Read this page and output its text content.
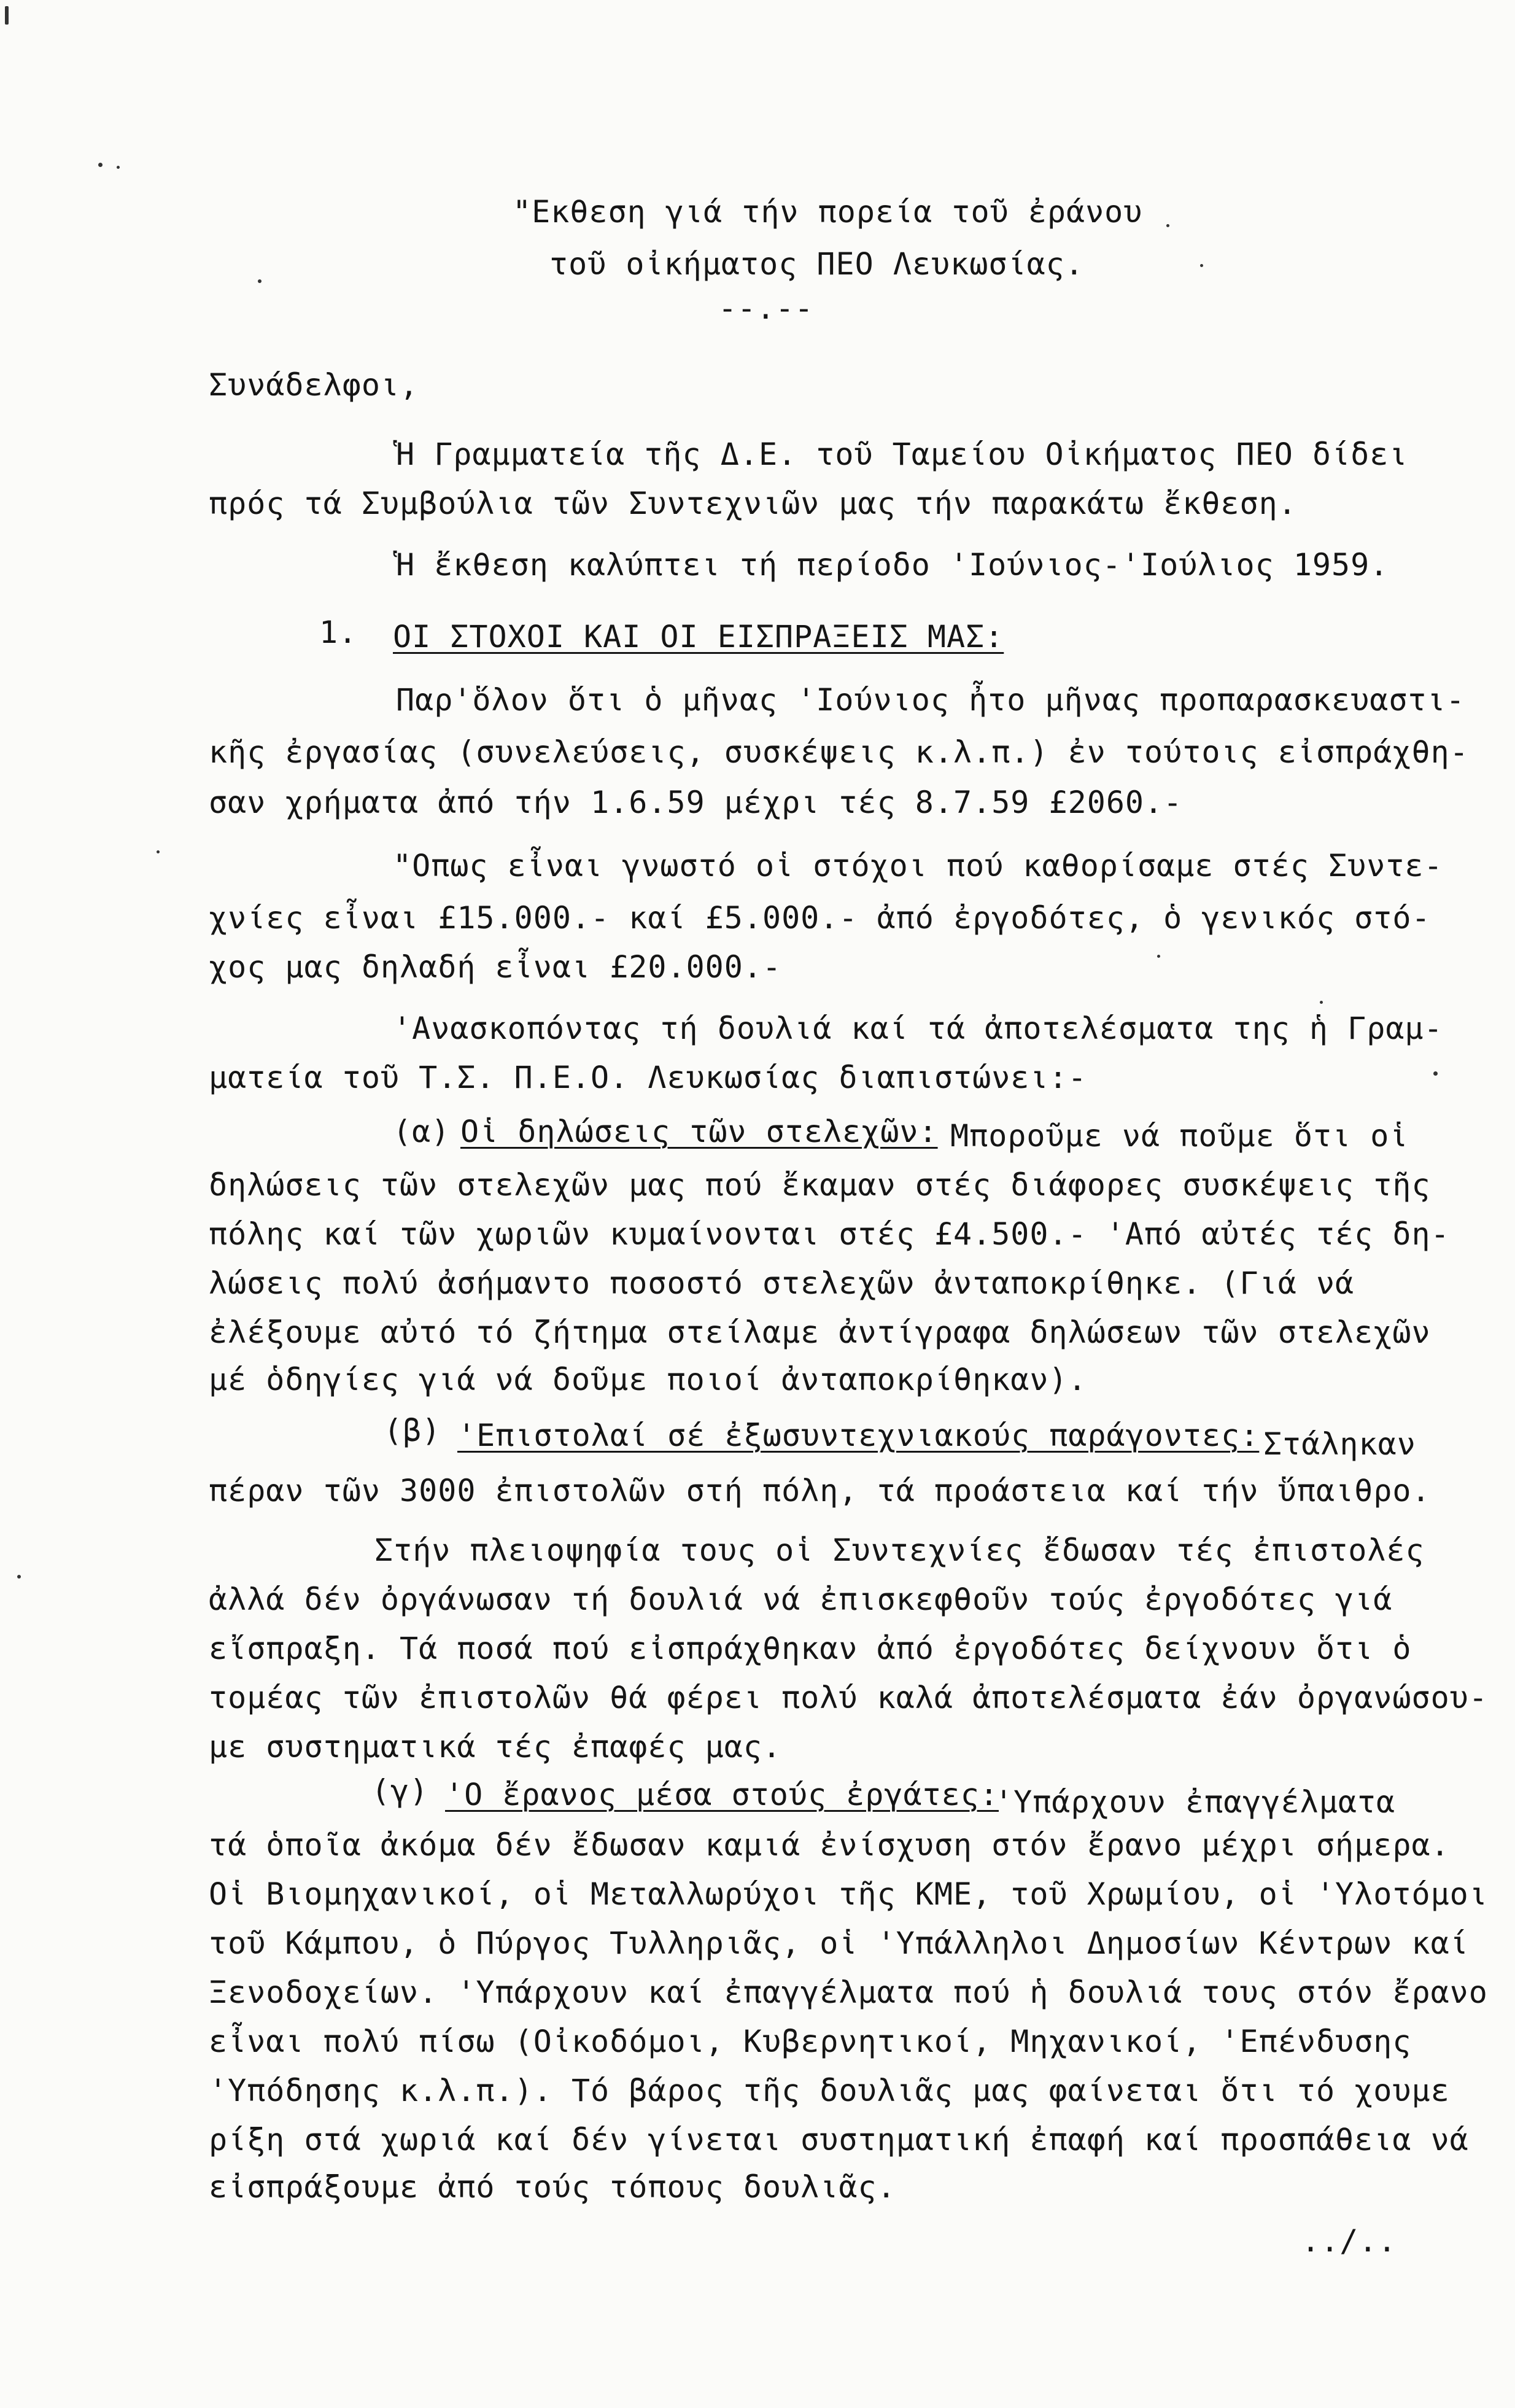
"Εκθεση γιά τήν πορεία τοῦ ἐράνου
τοῦ οἰκήματος ΠΕΟ Λευκωσίας.
--.--
Συνάδελφοι,
Ἡ Γραμματεία τῆς Δ.Ε. τοῦ Ταμείου Οἰκήματος ΠΕΟ δίδει
πρός τά Συμβούλια τῶν Συντεχνιῶν μας τήν παρακάτω ἔκθεση.
Ἡ ἔκθεση καλύπτει τή περίοδο 'Ιούνιος-'Ιούλιος 1959.
1. ΟΙ ΣΤΟΧΟΙ ΚΑΙ ΟΙ ΕΙΣΠΡΑΞΕΙΣ ΜΑΣ:
Παρ'ὅλον ὅτι ὁ μῆνας 'Ιούνιος ἦτο μῆνας προπαρασκευαστι-
κῆς ἐργασίας (συνελεύσεις, συσκέψεις κ.λ.π.) ἐν τούτοις εἰσπράχθη-
σαν χρήματα ἀπό τήν 1.6.59 μέχρι τές 8.7.59 £2060.-
"Οπως εἶναι γνωστό οἱ στόχοι πού καθορίσαμε στές Συντε-
χνίες εἶναι £15.000.- καί £5.000.- ἀπό ἐργοδότες, ὁ γενικός στό-
χος μας δηλαδή εἶναι £20.000.-
'Ανασκοπόντας τή δουλιά καί τά ἀποτελέσματα της ἡ Γραμ-
ματεία τοῦ Τ.Σ. Π.Ε.Ο. Λευκωσίας διαπιστώνει:-
(α) Οἱ δηλώσεις τῶν στελεχῶν: Μποροῦμε νά ποῦμε ὅτι οἱ
δηλώσεις τῶν στελεχῶν μας πού ἔκαμαν στές διάφορες συσκέψεις τῆς
πόλης καί τῶν χωριῶν κυμαίνονται στές £4.500.- 'Από αὐτές τές δη-
λώσεις πολύ ἀσήμαντο ποσοστό στελεχῶν ἀνταποκρίθηκε. (Γιά νά
ἐλέξουμε αὐτό τό ζήτημα στείλαμε ἀντίγραφα δηλώσεων τῶν στελεχῶν
μέ ὁδηγίες γιά νά δοῦμε ποιοί ἀνταποκρίθηκαν).
(β) 'Επιστολαί σέ ἐξωσυντεχνιακούς παράγοντες: Στάληκαν
πέραν τῶν 3000 ἐπιστολῶν στή πόλη, τά προάστεια καί τήν ὕπαιθρο.
Στήν πλειοψηφία τους οἱ Συντεχνίες ἔδωσαν τές ἐπιστολές
ἀλλά δέν ὀργάνωσαν τή δουλιά νά ἐπισκεφθοῦν τούς ἐργοδότες γιά
εἴσπραξη. Τά ποσά πού εἰσπράχθηκαν ἀπό ἐργοδότες δείχνουν ὅτι ὁ
τομέας τῶν ἐπιστολῶν θά φέρει πολύ καλά ἀποτελέσματα ἐάν ὀργανώσου-
με συστηματικά τές ἐπαφές μας.
(γ) 'Ο ἔρανος μέσα στούς ἐργάτες:
'Υπάρχουν ἐπαγγέλματα
τά ὁποῖα ἀκόμα δέν ἔδωσαν καμιά ἐνίσχυση στόν ἔρανο μέχρι σήμερα.
Οἱ Βιομηχανικοί, οἱ Μεταλλωρύχοι τῆς ΚΜΕ, τοῦ Χρωμίου, οἱ 'Υλοτόμοι
τοῦ Κάμπου, ὁ Πύργος Τυλληριᾶς, οἱ 'Υπάλληλοι Δημοσίων Κέντρων καί
Ξενοδοχείων. 'Υπάρχουν καί ἐπαγγέλματα πού ἡ δουλιά τους στόν ἔρανο
εἶναι πολύ πίσω (Οἰκοδόμοι, Κυβερνητικοί, Μηχανικοί, 'Επένδυσης
'Υπόδησης κ.λ.π.). Τό βάρος τῆς δουλιᾶς μας φαίνεται ὅτι τό χουμε
ρίξη στά χωριά καί δέν γίνεται συστηματική ἐπαφή καί προσπάθεια νά
εἰσπράξουμε ἀπό τούς τόπους δουλιᾶς.
../..
